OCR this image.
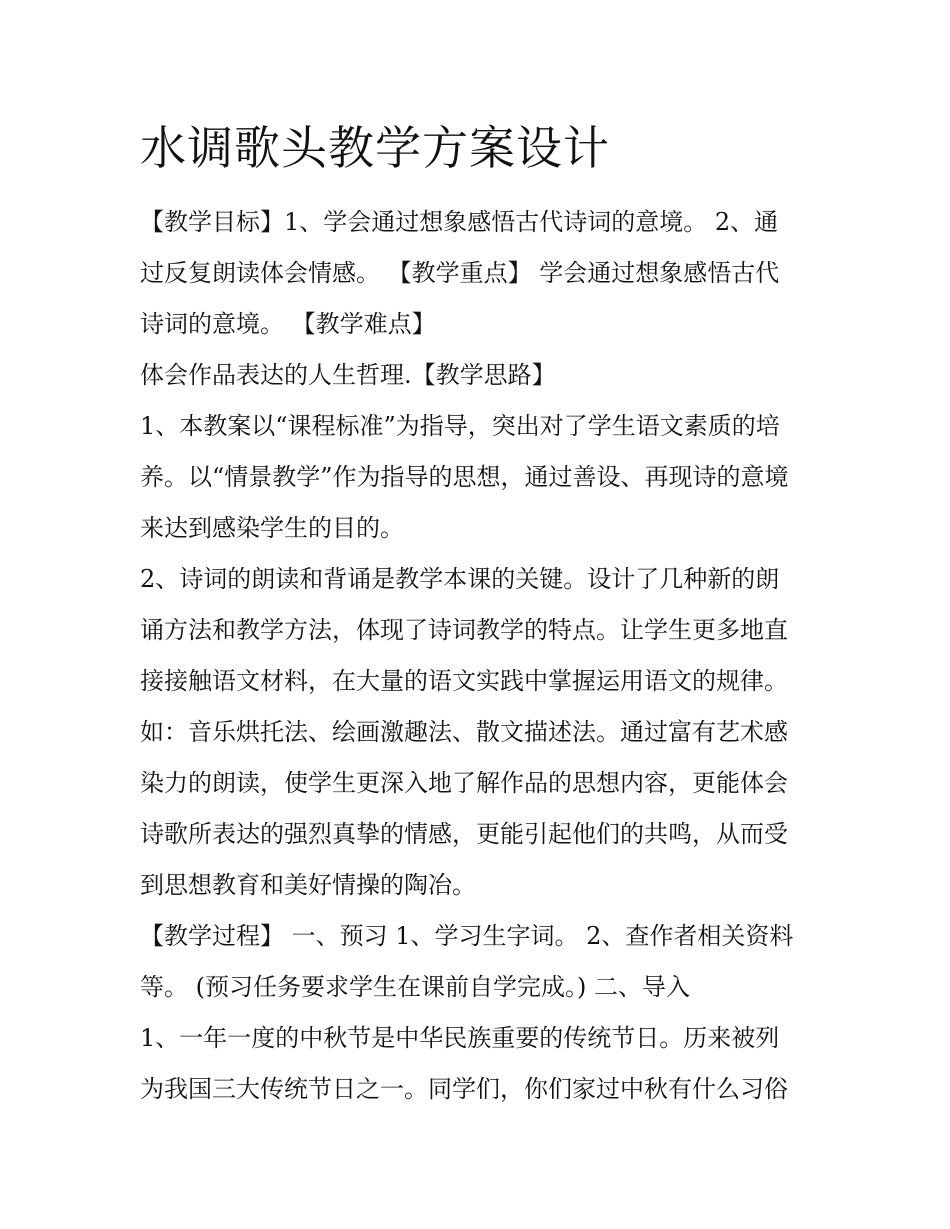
水调歌头教学方案设计
【教学目标】1、学会通过想象感悟古代诗词的意境。 2、通
过反复朗读体会情感。 【教学重点】 学会通过想象感悟古代
诗词的意境。 【教学难点】
体会作品表达的人生哲理.【教学思路】
1、本教案以“课程标准”为指导，突出对了学生语文素质的培
养。以“情景教学”作为指导的思想，通过善设、再现诗的意境
来达到感染学生的目的。
2、诗词的朗读和背诵是教学本课的关键。设计了几种新的朗
诵方法和教学方法，体现了诗词教学的特点。让学生更多地直
接接触语文材料，在大量的语文实践中掌握运用语文的规律。
如：音乐烘托法、绘画激趣法、散文描述法。通过富有艺术感
染力的朗读，使学生更深入地了解作品的思想内容，更能体会
诗歌所表达的强烈真挚的情感，更能引起他们的共鸣，从而受
到思想教育和美好情操的陶冶。
【教学过程】 一、预习 1、学习生字词。 2、查作者相关资料
等。 (预习任务要求学生在课前自学完成。) 二、导入
1、一年一度的中秋节是中华民族重要的传统节日。历来被列
为我国三大传统节日之一。同学们，你们家过中秋有什么习俗
